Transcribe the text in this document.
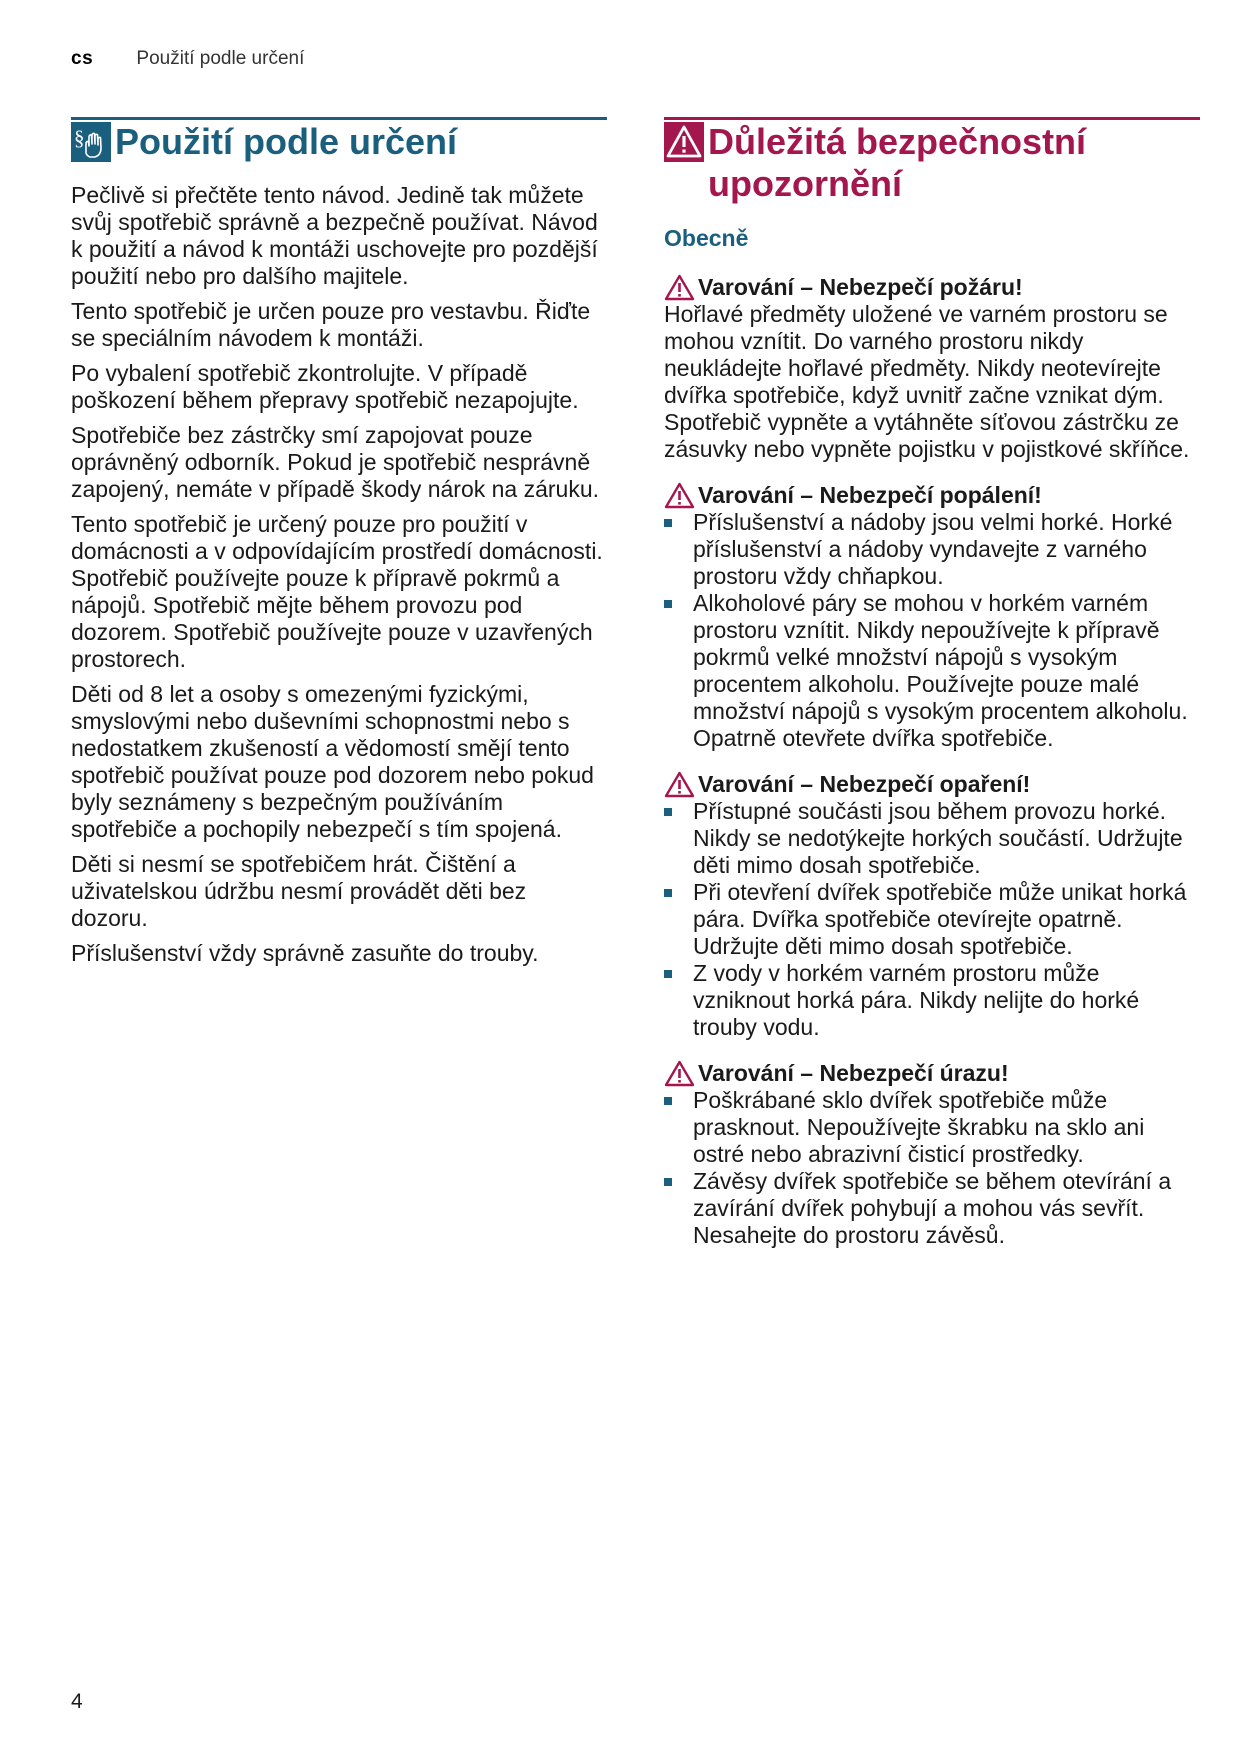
cs Použití podle určení
§ Použití podle určení

Pečlivě si přečtěte tento návod. Jedině tak můžete svůj spotřebič správně a bezpečně používat. Návod k použití a návod k montáži uschovejte pro pozdější použití nebo pro dalšího majitele.

Tento spotřebič je určen pouze pro vestavbu. Řiďte se speciálním návodem k montáži.

Po vybalení spotřebič zkontrolujte. V případě poškození během přepravy spotřebič nezapojujte.

Spotřebiče bez zástrčky smí zapojovat pouze oprávněný odborník. Pokud je spotřebič nesprávně zapojený, nemáte v případě škody nárok na záruku.

Tento spotřebič je určený pouze pro použití v domácnosti a v odpovídajícím prostředí domácnosti. Spotřebič používejte pouze k přípravě pokrmů a nápojů. Spotřebič mějte během provozu pod dozorem. Spotřebič používejte pouze v uzavřených prostorech.

Děti od 8 let a osoby s omezenými fyzickými, smyslovými nebo duševními schopnostmi nebo s nedostatkem zkušeností a vědomostí smějí tento spotřebič používat pouze pod dozorem nebo pokud byly seznámeny s bezpečným používáním spotřebiče a pochopily nebezpečí s tím spojená.

Děti si nesmí se spotřebičem hrát. Čištění a uživatelskou údržbu nesmí provádět děti bez dozoru.

Příslušenství vždy správně zasuňte do trouby.

Důležitá bezpečnostní upozornění
Obecně
Varování – Nebezpečí požáru!

Hořlavé předměty uložené ve varném prostoru se mohou vznítit. Do varného prostoru nikdy neukládejte hořlavé předměty. Nikdy neotevírejte dvířka spotřebiče, když uvnitř začne vznikat dým. Spotřebič vypněte a vytáhněte síťovou zástrčku ze zásuvky nebo vypněte pojistku v pojistkové skříňce.

Varování – Nebezpečí popálení!
Příslušenství a nádoby jsou velmi horké. Horké příslušenství a nádoby vyndavejte z varného prostoru vždy chňapkou.
Alkoholové páry se mohou v horkém varném prostoru vznítit. Nikdy nepoužívejte k přípravě pokrmů velké množství nápojů s vysokým procentem alkoholu. Používejte pouze malé množství nápojů s vysokým procentem alkoholu. Opatrně otevřete dvířka spotřebiče.
Varování – Nebezpečí opaření!
Přístupné součásti jsou během provozu horké. Nikdy se nedotýkejte horkých součástí. Udržujte děti mimo dosah spotřebiče.
Při otevření dvířek spotřebiče může unikat horká pára. Dvířka spotřebiče otevírejte opatrně. Udržujte děti mimo dosah spotřebiče.
Z vody v horkém varném prostoru může vzniknout horká pára. Nikdy nelijte do horké trouby vodu.
Varování – Nebezpečí úrazu!
Poškrábané sklo dvířek spotřebiče může prasknout. Nepoužívejte škrabku na sklo ani ostré nebo abrazivní čisticí prostředky.
Závěsy dvířek spotřebiče se během otevírání a zavírání dvířek pohybují a mohou vás sevřít. Nesahejte do prostoru závěsů.
4
